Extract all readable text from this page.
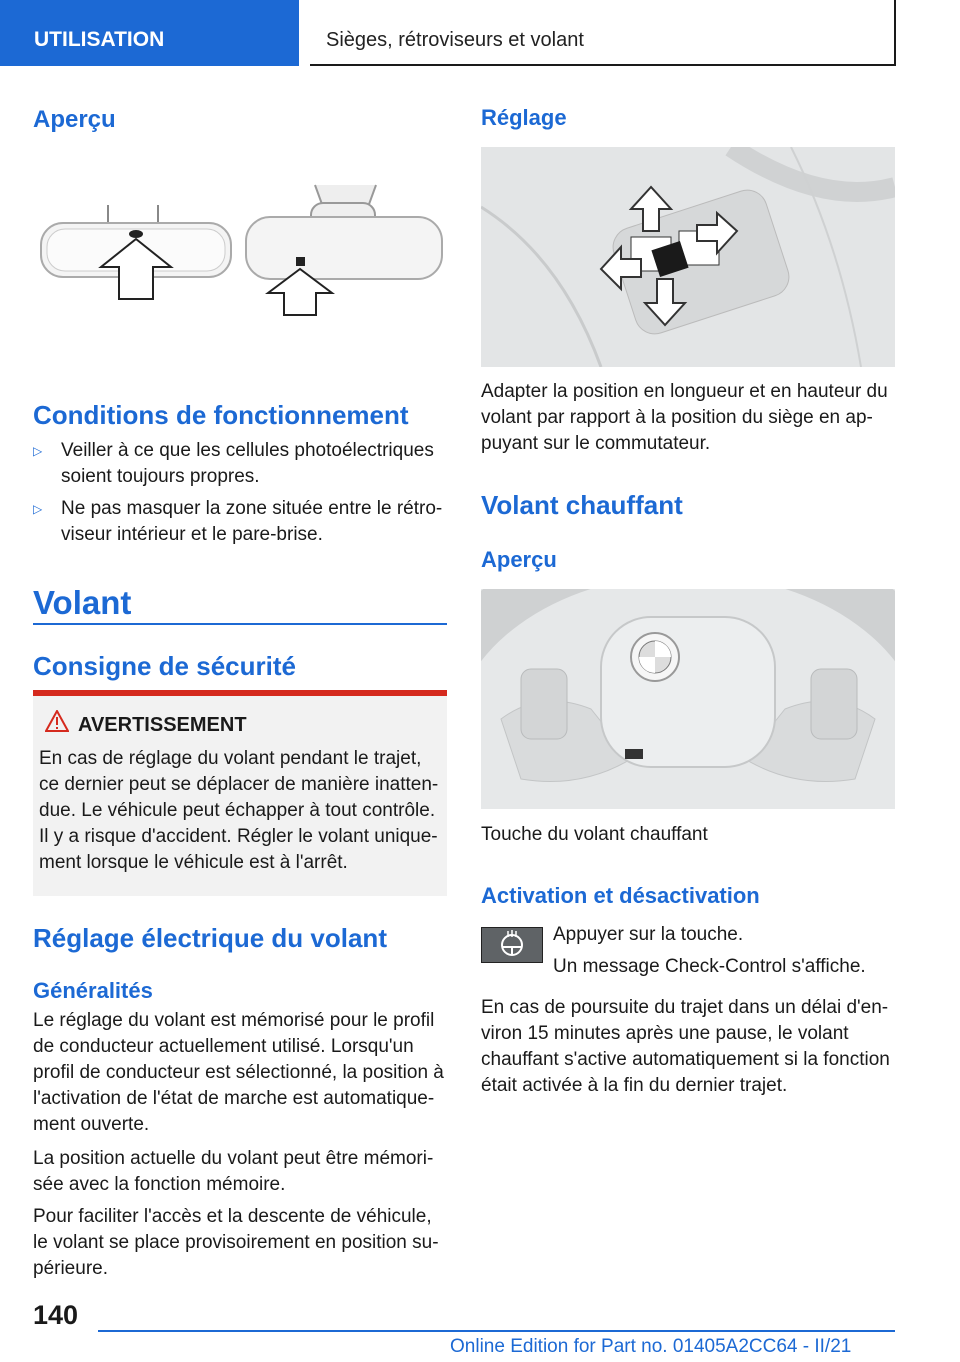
UTILISATION	Sièges, rétroviseurs et volant
Aperçu
Conditions de fonctionnement
▷ Veiller à ce que les cellules photoélectriques soient toujours propres.
▷ Ne pas masquer la zone située entre le rétro-viseur intérieur et le pare-brise.
Volant
Consigne de sécurité
AVERTISSEMENT
En cas de réglage du volant pendant le trajet, ce dernier peut se déplacer de manière inatten-due. Le véhicule peut échapper à tout contrôle. Il y a risque d'accident. Régler le volant unique-ment lorsque le véhicule est à l'arrêt.
Réglage électrique du volant
Généralités
Le réglage du volant est mémorisé pour le profil de conducteur actuellement utilisé. Lorsqu'un profil de conducteur est sélectionné, la position à l'activation de l'état de marche est automatique-ment ouverte.
La position actuelle du volant peut être mémori-sée avec la fonction mémoire.
Pour faciliter l'accès et la descente de véhicule, le volant se place provisoirement en position su-périeure.
Réglage
Adapter la position en longueur et en hauteur du volant par rapport à la position du siège en ap-puyant sur le commutateur.
Volant chauffant
Aperçu
Touche du volant chauffant
Activation et désactivation
Appuyer sur la touche.
Un message Check-Control s'affiche.
En cas de poursuite du trajet dans un délai d'en-viron 15 minutes après une pause, le volant chauffant s'active automatiquement si la fonction était activée à la fin du dernier trajet.
140
Online Edition for Part no. 01405A2CC64 - II/21
